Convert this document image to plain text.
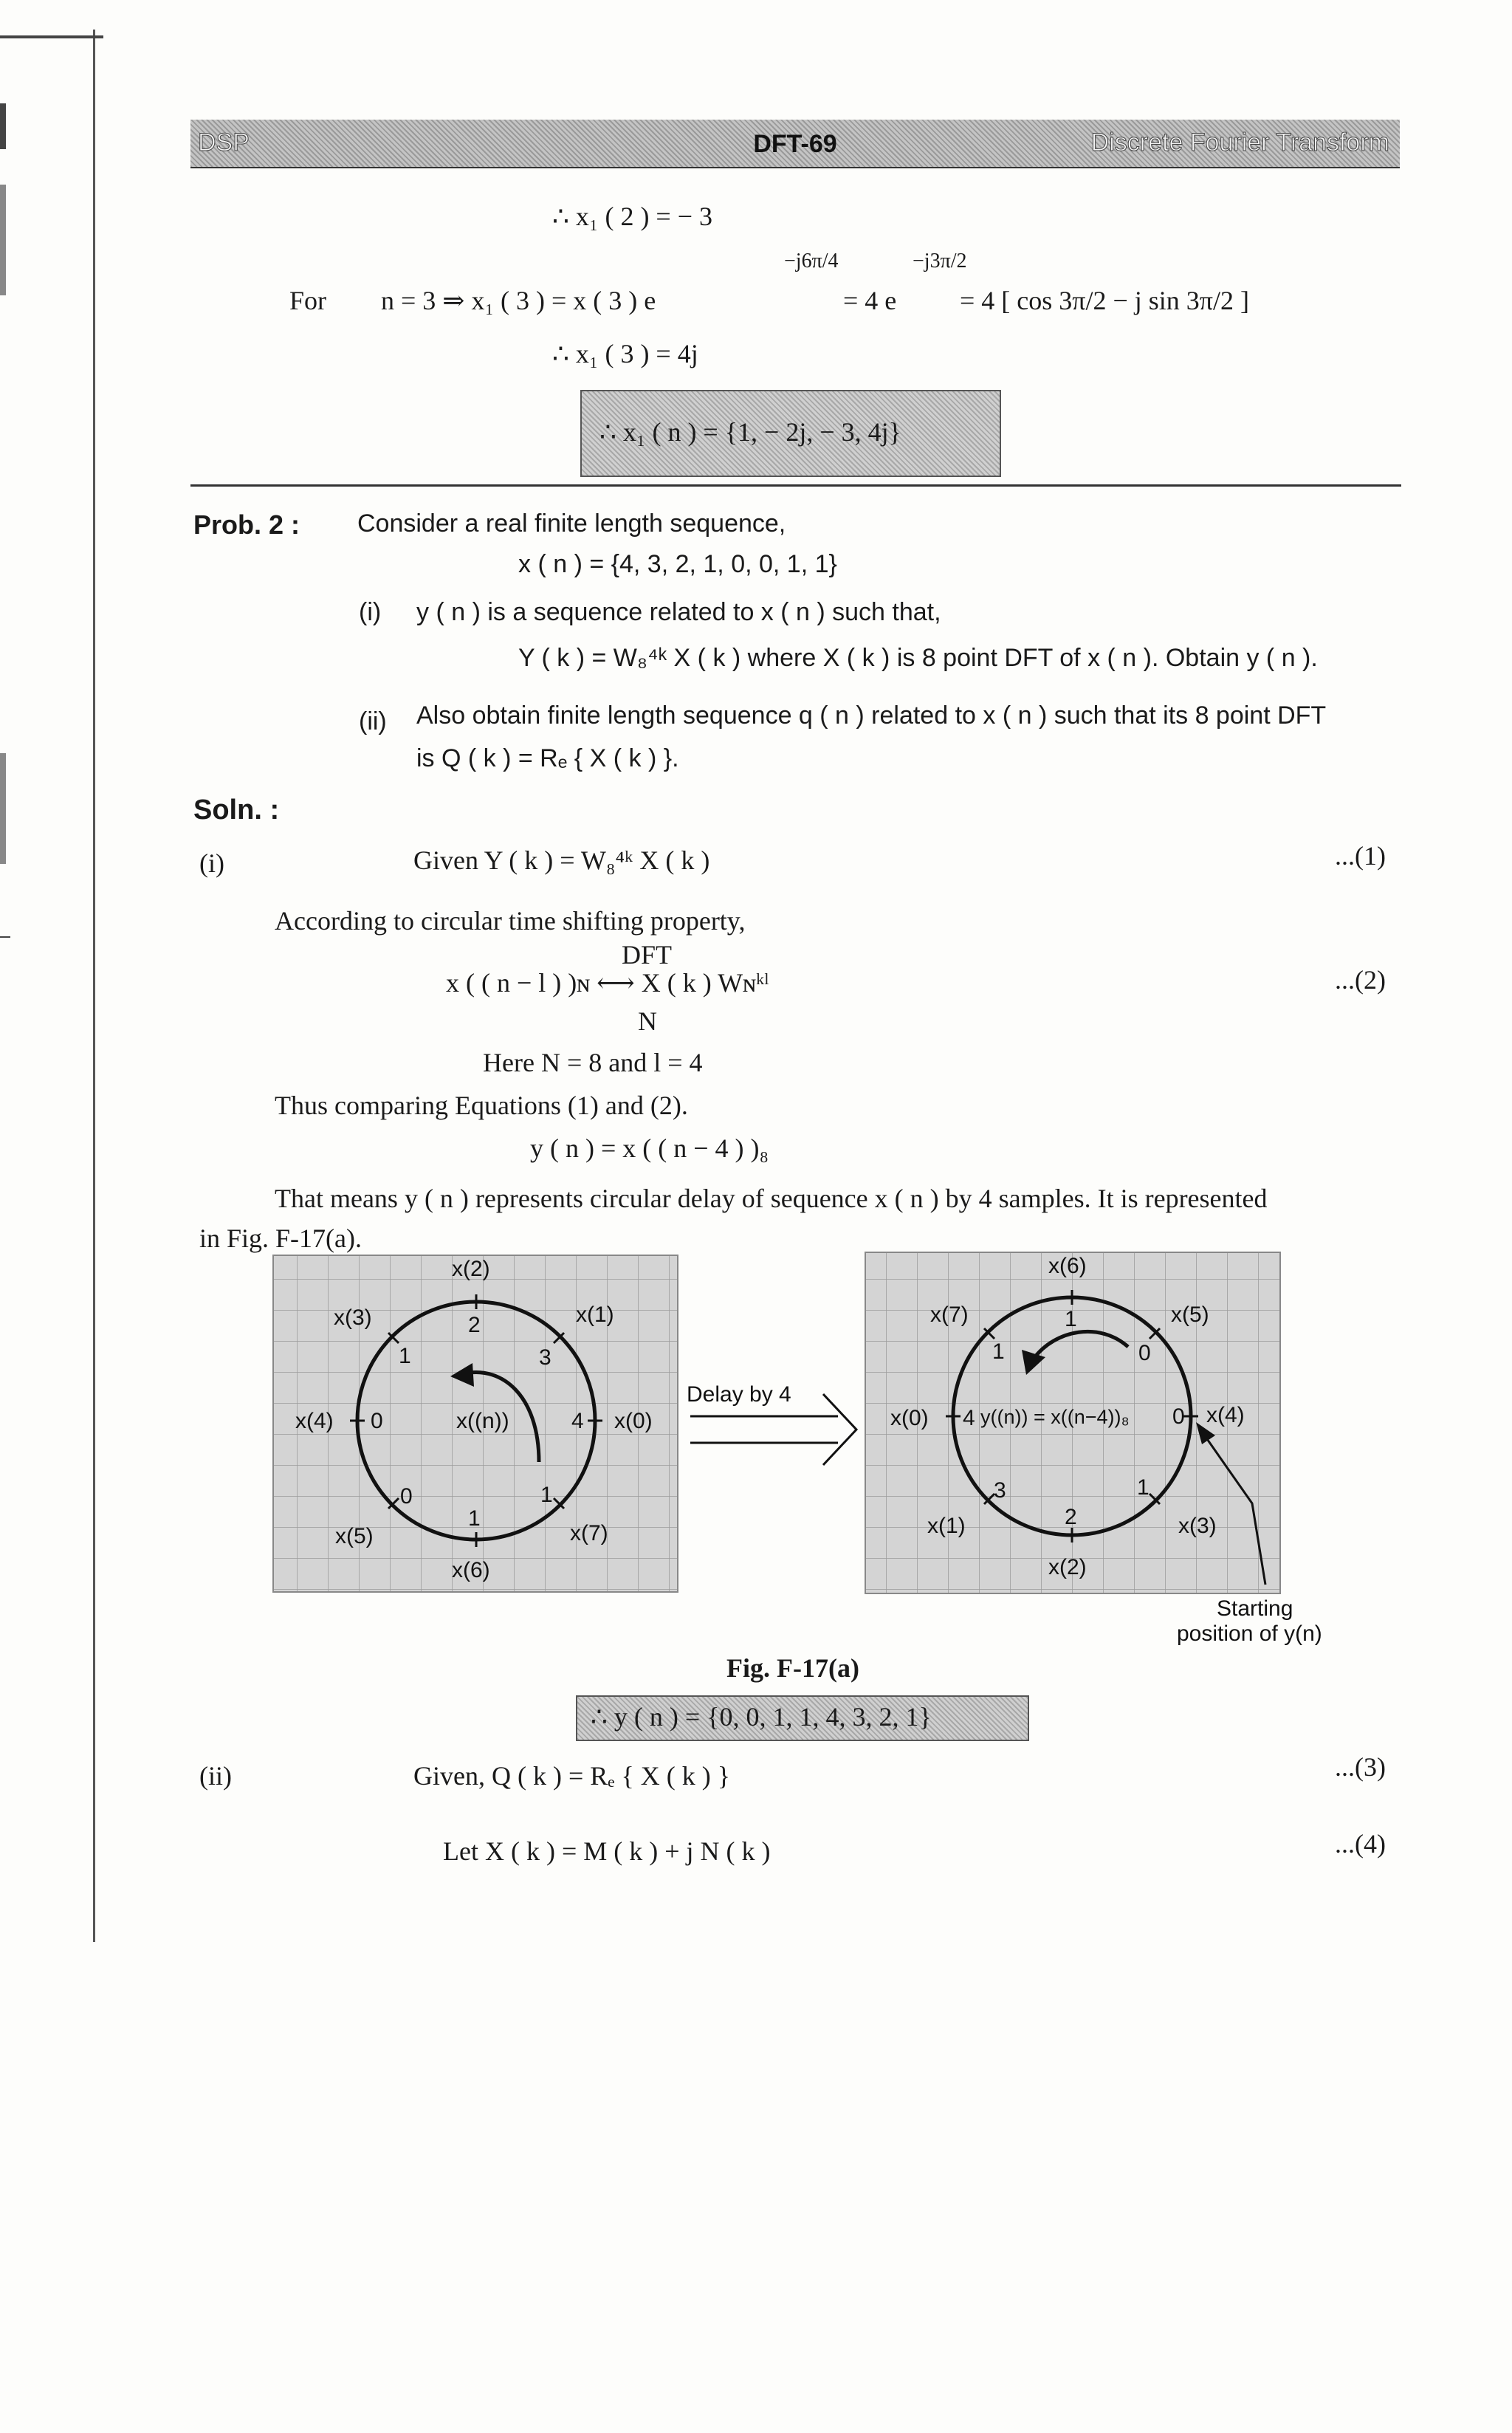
DSP	DFT-69	Discrete Fourier Transform
∴ x₁ ( 2 ) = − 3
For n = 3 ⇒ x₁ ( 3 ) = x ( 3 ) e
−j6π/4
= 4 e
−j3π/2
= 4 [ cos 3π/2 − j sin 3π/2 ]
∴ x₁ ( 3 ) = 4j
∴ x₁ ( n ) = {1, − 2j, − 3, 4j}
Prob. 2 : Consider a real finite length sequence,
x ( n ) = {4, 3, 2, 1, 0, 0, 1, 1}
(i) y ( n ) is a sequence related to x ( n ) such that,
Y ( k ) = W₈⁴ᵏ X ( k ) where X ( k ) is 8 point DFT of x ( n ). Obtain y ( n ).
(ii) Also obtain finite length sequence q ( n ) related to x ( n ) such that its 8 point DFT
is Q ( k ) = Rₑ { X ( k ) }.
Soln. :
(i)	Given Y ( k ) = W₈⁴ᵏ X ( k )	...(1)
According to circular time shifting property,
DFT
x ( ( n − l ) )ɴ ⟷ X ( k ) Wɴᵏˡ
N
...(2)
Here N = 8 and l = 4
Thus comparing Equations (1) and (2).
y ( n ) = x ( ( n − 4 ) )₈
That means y ( n ) represents circular delay of sequence x ( n ) by 4 samples. It is represented
in Fig. F-17(a).
x(2)
x(1)
x(3)
x(0)
x(4)
x(5)	x(7)
x(6)
2
3
1
4
0
0	1
1
x((n))
Delay by 4
x(6)
x(5)
x(7)
x(4)
x(0)
x(1)	x(3)
x(2)
1
0
1
0
4
3	1
2
y((n)) = x((n−4))₈
Starting
position of y(n)
Fig. F-17(a)
∴ y ( n ) = {0, 0, 1, 1, 4, 3, 2, 1}
(ii)	Given, Q ( k ) = Rₑ { X ( k ) }	...(3)
Let X ( k ) = M ( k ) + j N ( k )	...(4)
